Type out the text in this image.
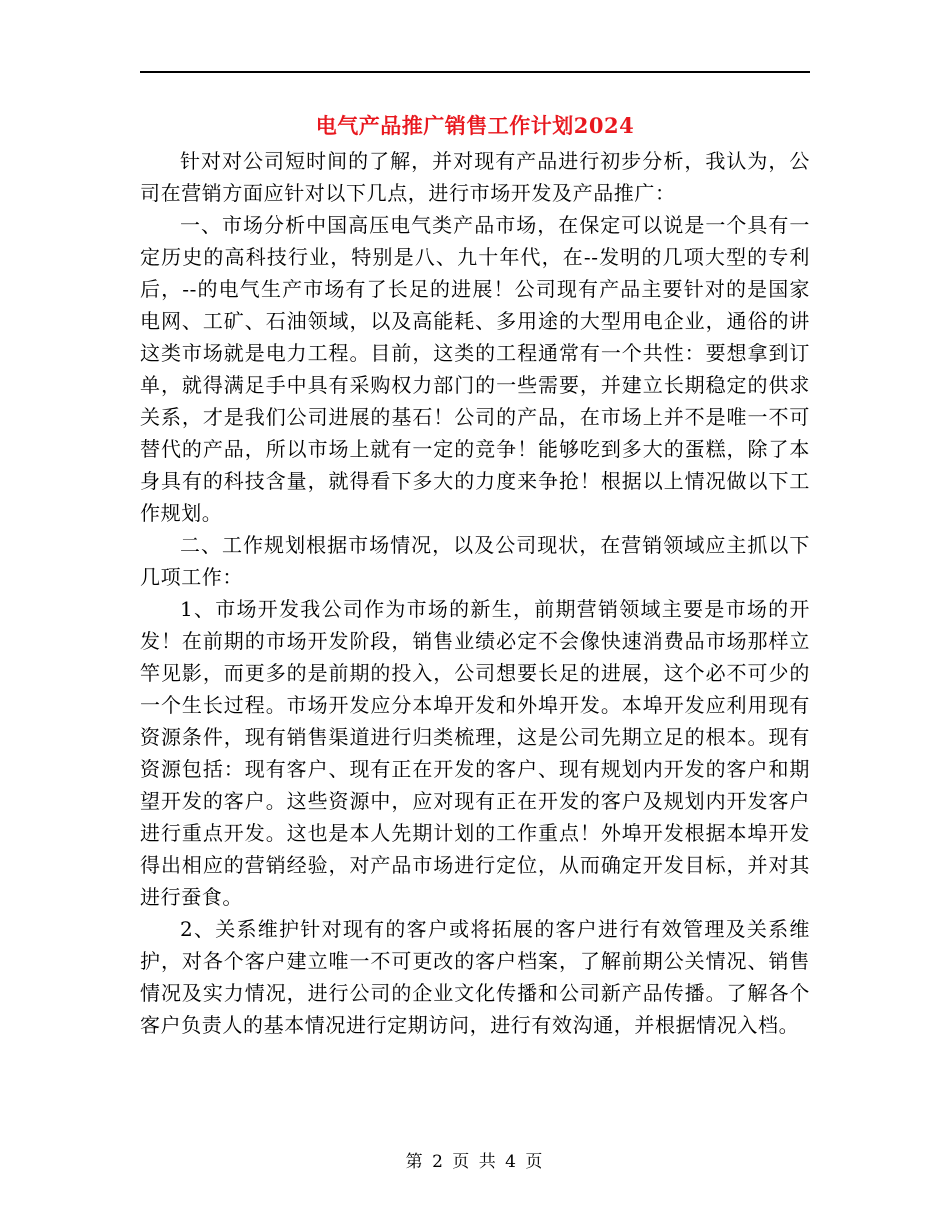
电气产品推广销售工作计划2024

针对对公司短时间的了解，并对现有产品进行初步分析，我认为，公司在营销方面应针对以下几点，进行市场开发及产品推广：

一、市场分析中国高压电气类产品市场，在保定可以说是一个具有一定历史的高科技行业，特别是八、九十年代，在--发明的几项大型的专利后，--的电气生产市场有了长足的进展！公司现有产品主要针对的是国家电网、工矿、石油领域，以及高能耗、多用途的大型用电企业，通俗的讲这类市场就是电力工程。目前，这类的工程通常有一个共性：要想拿到订单，就得满足手中具有采购权力部门的一些需要，并建立长期稳定的供求关系，才是我们公司进展的基石！公司的产品，在市场上并不是唯一不可替代的产品，所以市场上就有一定的竞争！能够吃到多大的蛋糕，除了本身具有的科技含量，就得看下多大的力度来争抢！根据以上情况做以下工作规划。

二、工作规划根据市场情况，以及公司现状，在营销领域应主抓以下几项工作：

1、市场开发我公司作为市场的新生，前期营销领域主要是市场的开发！在前期的市场开发阶段，销售业绩必定不会像快速消费品市场那样立竿见影，而更多的是前期的投入，公司想要长足的进展，这个必不可少的一个生长过程。市场开发应分本埠开发和外埠开发。本埠开发应利用现有资源条件，现有销售渠道进行归类梳理，这是公司先期立足的根本。现有资源包括：现有客户、现有正在开发的客户、现有规划内开发的客户和期望开发的客户。这些资源中，应对现有正在开发的客户及规划内开发客户进行重点开发。这也是本人先期计划的工作重点！外埠开发根据本埠开发得出相应的营销经验，对产品市场进行定位，从而确定开发目标，并对其进行蚕食。

2、关系维护针对现有的客户或将拓展的客户进行有效管理及关系维护，对各个客户建立唯一不可更改的客户档案，了解前期公关情况、销售情况及实力情况，进行公司的企业文化传播和公司新产品传播。了解各个客户负责人的基本情况进行定期访问，进行有效沟通，并根据情况入档。

第 2 页 共 4 页
